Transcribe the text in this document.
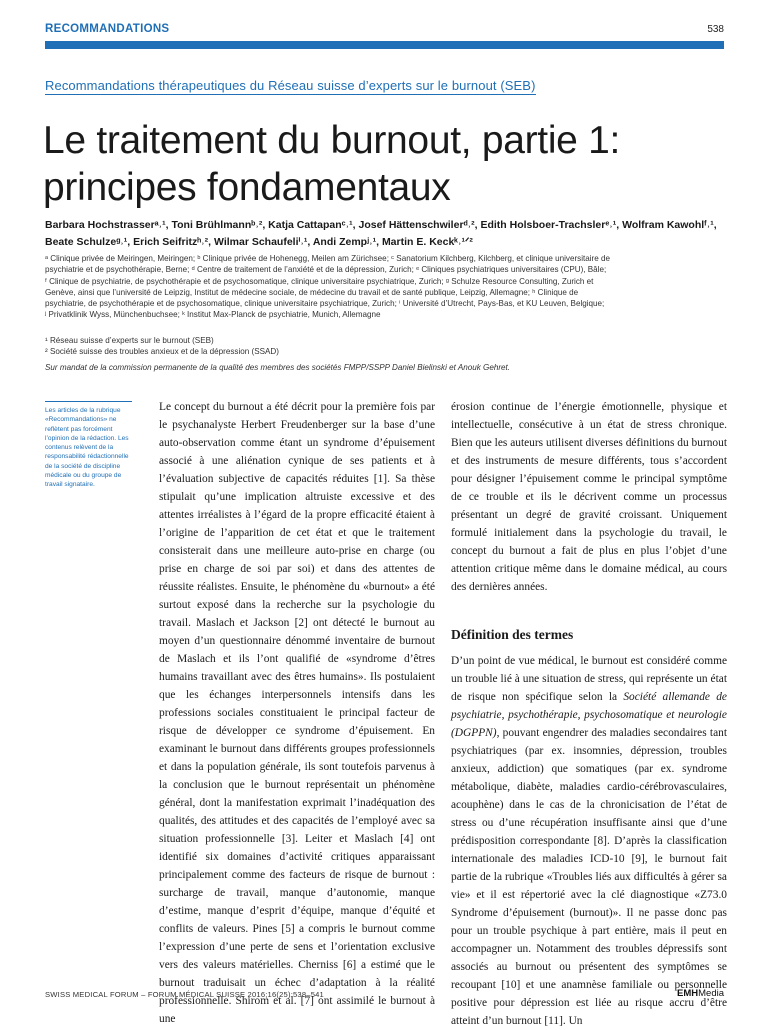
RECOMMANDATIONS	538
Recommandations thérapeutiques du Réseau suisse d’experts sur le burnout (SEB)
Le traitement du burnout, partie 1:
principes fondamentaux
Barbara Hochstrasserᵃ˒¹, Toni Brühlmannᵇ˒², Katja Cattapanᶜ˒¹, Josef Hättenschwilerᵈ˒², Edith Holsboer-Trachslerᵉ˒¹, Wolfram Kawohlᶠ˒¹, Beate Schulzeᵍ˒¹, Erich Seifritzʰ˒², Wilmar Schaufeliⁱ˒¹, Andi Zempʲ˒¹, Martin E. Keckᵏ˒¹ᐟ²

ᵃ Clinique privée de Meiringen, Meiringen; ᵇ Clinique privée de Hohenegg, Meilen am Zürichsee; ᶜ Sanatorium Kilchberg, Kilchberg, et clinique universitaire de

psychiatrie et de psychothérapie, Berne; ᵈ Centre de traitement de l’anxiété et de la dépression, Zurich; ᵉ Cliniques psychiatriques universitaires (CPU), Bâle;

ᶠ Clinique de psychiatrie, de psychothérapie et de psychosomatique, clinique universitaire psychiatrique, Zurich; ᵍ Schulze Resource Consulting, Zurich et

Genève, ainsi que l’université de Leipzig, Institut de médecine sociale, de médecine du travail et de santé publique, Leipzig, Allemagne; ʰ Clinique de

psychiatrie, de psychothérapie et de psychosomatique, clinique universitaire psychiatrique, Zurich; ⁱ Université d’Utrecht, Pays-Bas, et KU Leuven, Belgique;

ʲ Privatklinik Wyss, Münchenbuchsee; ᵏ Institut Max-Planck de psychiatrie, Munich, Allemagne

¹ Réseau suisse d’experts sur le burnout (SEB)

² Société suisse des troubles anxieux et de la dépression (SSAD)

Sur mandat de la commission permanente de la qualité des membres des sociétés FMPP/SSPP Daniel Bielinski et Anouk Gehret.

Les articles de la rubrique «Recommandations» ne reflètent pas forcément l’opinion de la rédaction. Les contenus relèvent de la responsabilité rédactionnelle de la société de discipline médicale ou du groupe de travail signataire.

Le concept du burnout a été décrit pour la première fois par le psychanalyste Herbert Freudenberger sur la base d’une auto-observation comme étant un syndrome d’épuisement associé à une aliénation cynique de ses patients et à l’évaluation subjective de capacités réduites [1]. Sa thèse stipulait qu’une implication altruiste excessive et des attentes irréalistes à l’égard de la propre efficacité étaient à l’origine de l’apparition de cet état et que le traitement consisterait dans une meilleure auto-prise en charge (ou prise en charge de soi par soi) et dans des attentes de réussite réalistes. Ensuite, le phénomène du «burnout» a été surtout exposé dans la recherche sur la psychologie du travail. Maslach et Jackson [2] ont détecté le burnout au moyen d’un questionnaire dénommé inventaire de burnout de Maslach et ils l’ont qualifié de «syndrome d’êtres humains travaillant avec des êtres humains». Ils postulaient que les échanges interpersonnels intensifs dans les professions sociales constituaient le principal facteur de risque de développer ce syndrome d’épuisement. En examinant le burnout dans différents groupes professionnels et dans la population générale, ils sont toutefois parvenus à la conclusion que le burnout représentait un phénomène général, dont la manifestation exprimait l’inadéquation des qualités, des attitudes et des capacités de l’employé avec sa situation professionnelle [3]. Leiter et Maslach [4] ont identifié six domaines d’activité critiques apparaissant principalement comme des facteurs de risque de burnout : surcharge de travail, manque d’autonomie, manque d’estime, manque d’esprit d’équipe, manque d’équité et conflits de valeurs. Pines [5] a compris le burnout comme l’expression d’une perte de sens et l’orientation exclusive vers des valeurs matérielles. Cherniss [6] a estimé que le burnout traduisait un échec d’adaptation à la réalité professionnelle. Shirom et al. [7] ont assimilé le burnout à une

érosion continue de l’énergie émotionnelle, physique et intellectuelle, consécutive à un état de stress chronique. Bien que les auteurs utilisent diverses définitions du burnout et des instruments de mesure différents, tous s’accordent pour désigner l’épuisement comme le principal symptôme de ce trouble et ils le décrivent comme un processus présentant un degré de gravité croissant. Uniquement formulé initialement dans la psychologie du travail, le concept du burnout a fait de plus en plus l’objet d’une attention critique même dans le domaine médical, au cours des dernières années.

Définition des termes

D’un point de vue médical, le burnout est considéré comme un trouble lié à une situation de stress, qui représente un état de risque non spécifique selon la Société allemande de psychiatrie, psychothérapie, psychosomatique et neurologie (DGPPN), pouvant engendrer des maladies secondaires tant psychiatriques (par ex. insomnies, dépression, troubles anxieux, addiction) que somatiques (par ex. syndrome métabolique, diabète, maladies cardio-cérébrovasculaires, acouphène) dans le cas de la chronicisation de l’état de stress ou d’une récupération insuffisante ainsi que d’une prédisposition correspondante [8]. D’après la classification internationale des maladies ICD-10 [9], le burnout fait partie de la rubrique «Troubles liés aux difficultés à gérer sa vie» et il est répertorié avec la clé diagnostique «Z73.0 Syndrome d’épuisement (burnout)». Il ne passe donc pas pour un trouble psychique à part entière, mais il peut en accompagner un. Notamment des troubles dépressifs sont associés au burnout ou présentent des symptômes se recoupant [10] et une anamnèse familiale ou personnelle positive pour dépression est liée au risque accru d’être atteint d’un burnout [11]. Un

SWISS MEDICAL FORUM – FORUM MÉDICAL SUISSE 2016;16(25):538–541	EMHMedia
